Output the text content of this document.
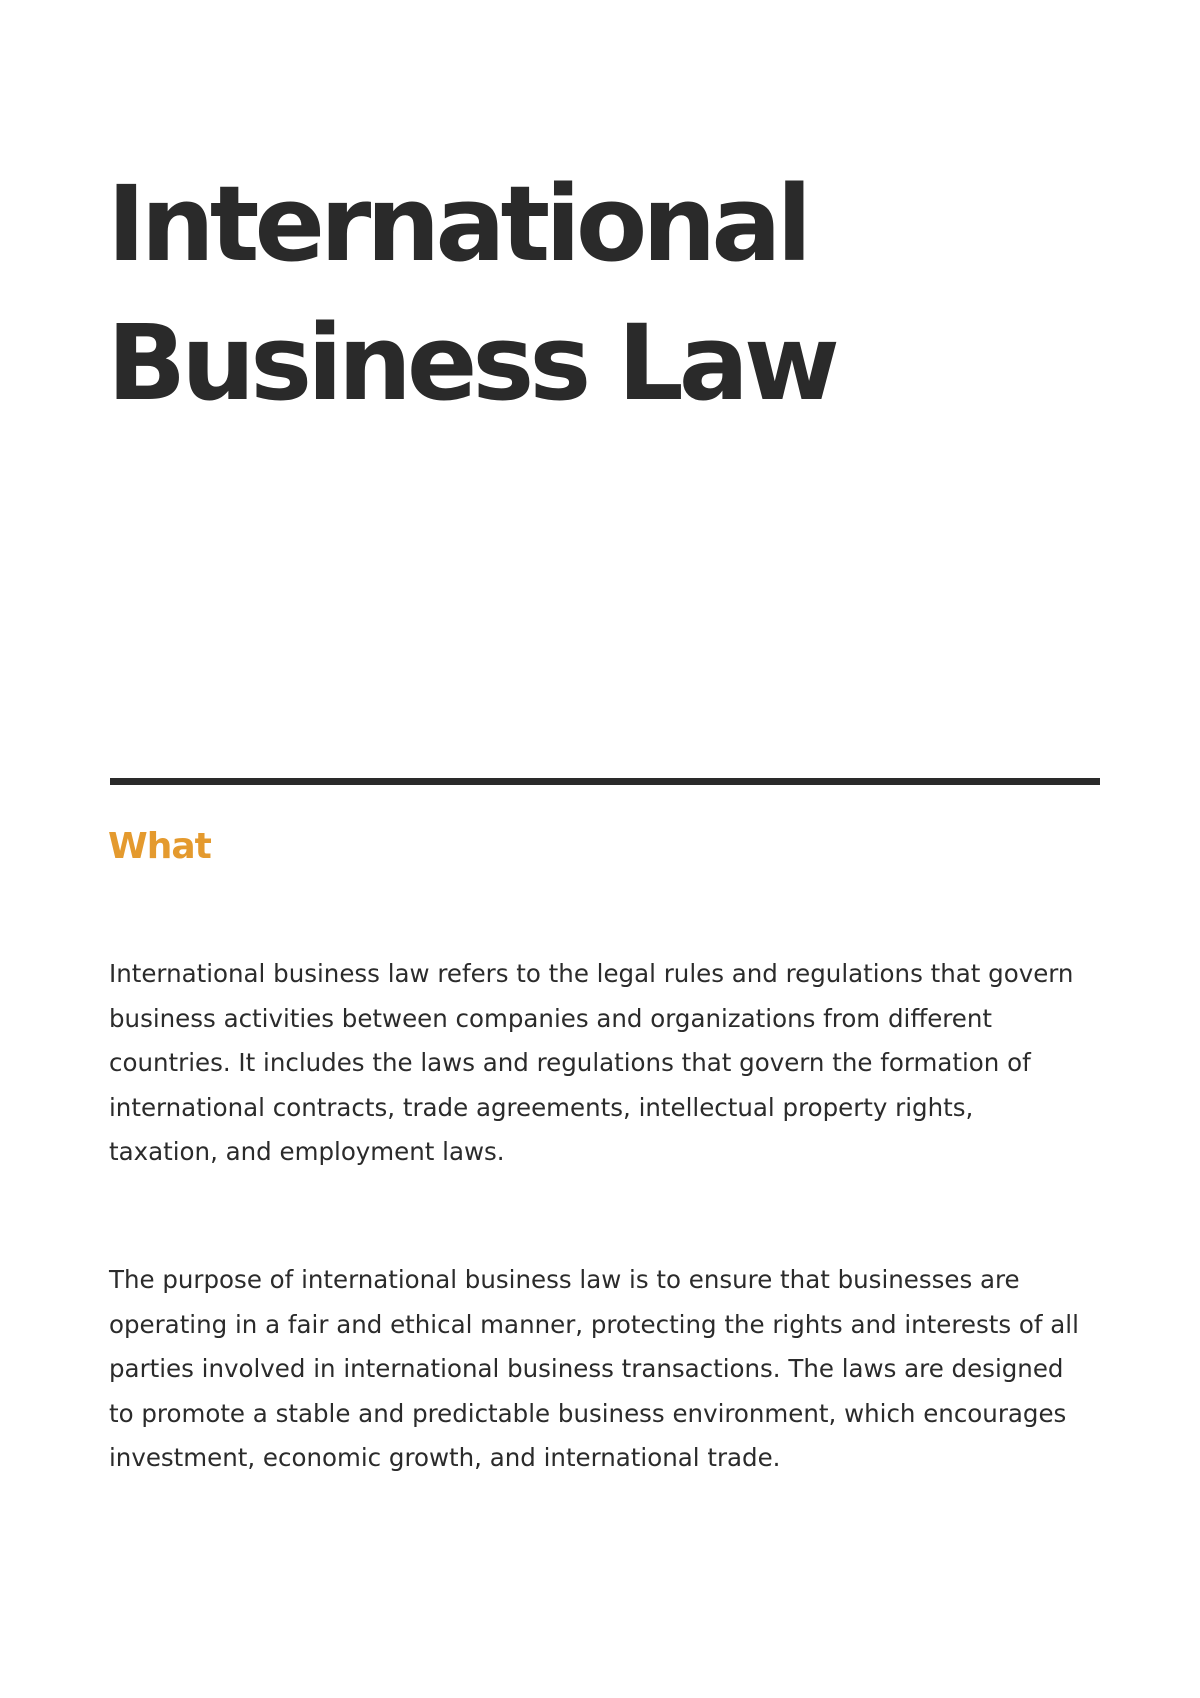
International
Business Law
What

International business law refers to the legal rules and regulations that govern
business activities between companies and organizations from different
countries. It includes the laws and regulations that govern the formation of
international contracts, trade agreements, intellectual property rights,
taxation, and employment laws.

The purpose of international business law is to ensure that businesses are
operating in a fair and ethical manner, protecting the rights and interests of all
parties involved in international business transactions. The laws are designed
to promote a stable and predictable business environment, which encourages
investment, economic growth, and international trade.
